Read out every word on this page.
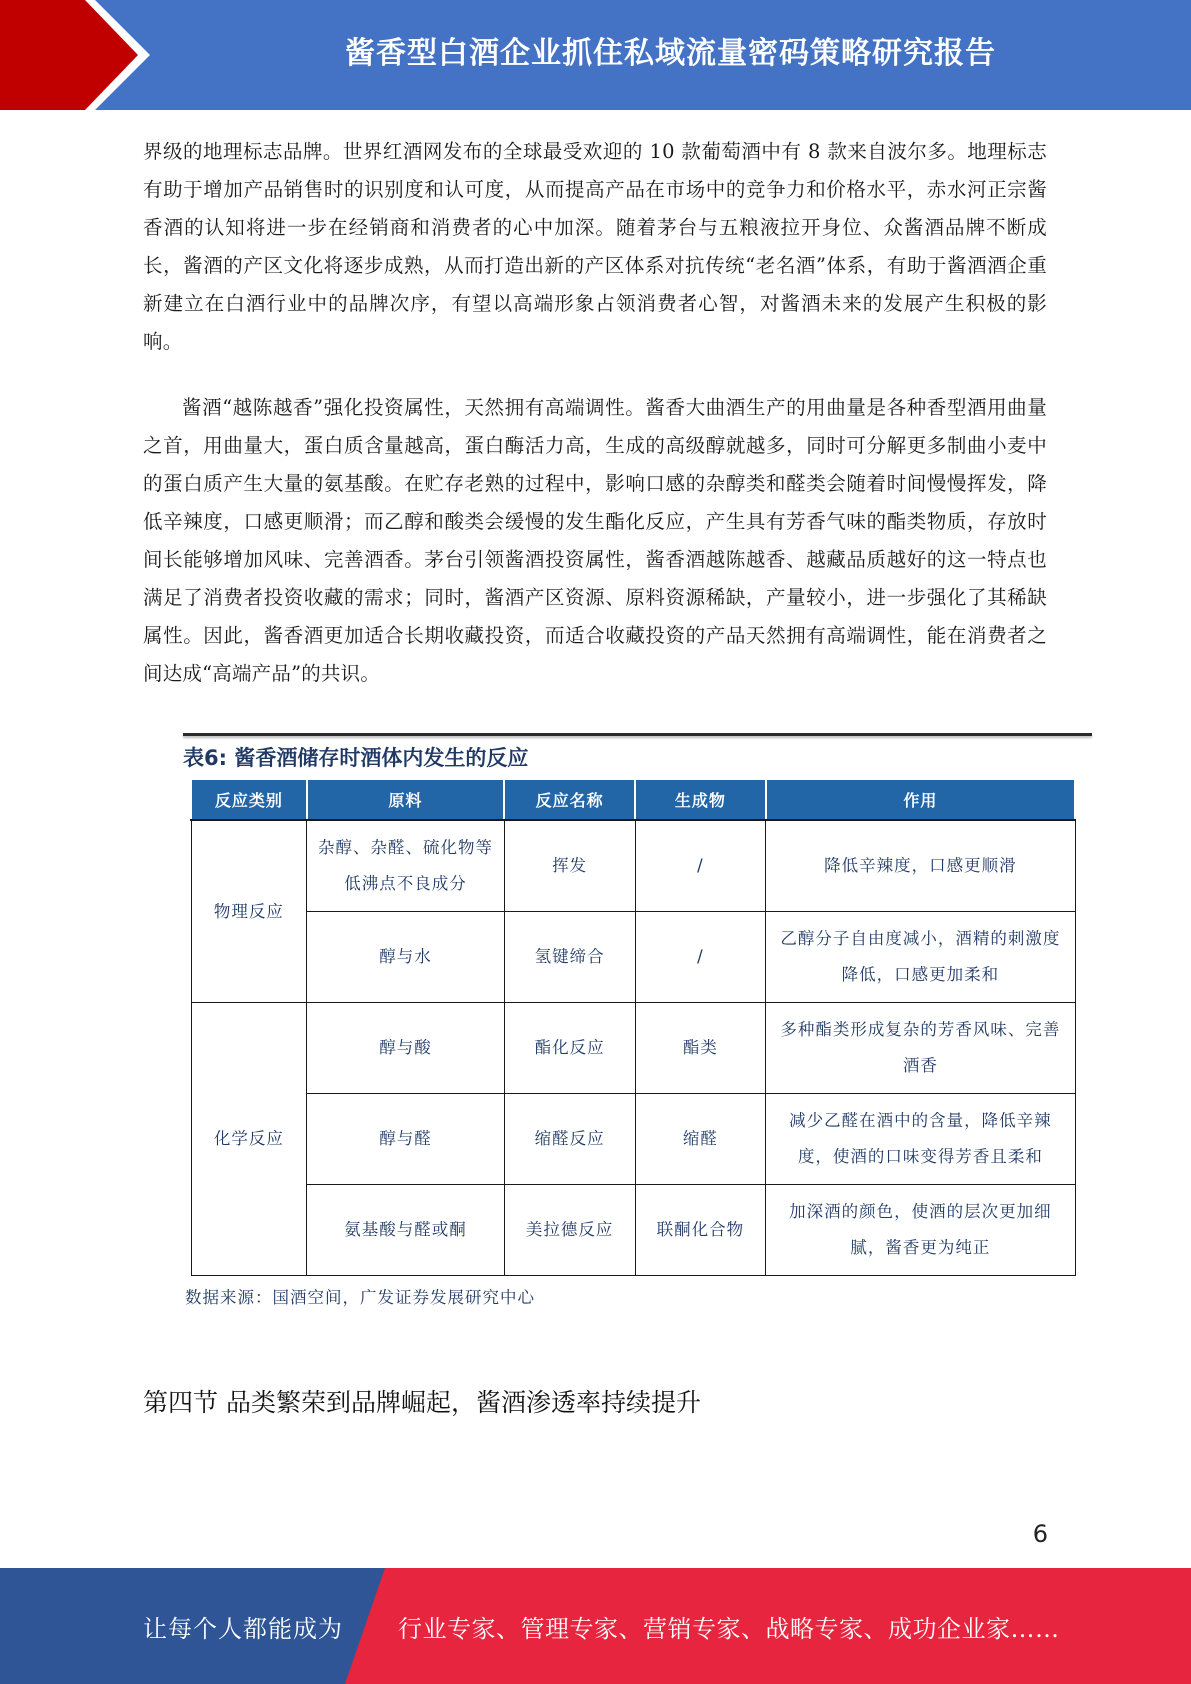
酱香型白酒企业抓住私域流量密码策略研究报告

界级的地理标志品牌。世界红酒网发布的全球最受欢迎的 10 款葡萄酒中有 8 款来自波尔多。地理标志有助于增加产品销售时的识别度和认可度，从而提高产品在市场中的竞争力和价格水平，赤水河正宗酱香酒的认知将进一步在经销商和消费者的心中加深。随着茅台与五粮液拉开身位、众酱酒品牌不断成长，酱酒的产区文化将逐步成熟，从而打造出新的产区体系对抗传统“老名酒”体系，有助于酱酒酒企重新建立在白酒行业中的品牌次序，有望以高端形象占领消费者心智，对酱酒未来的发展产生积极的影响。

酱酒“越陈越香”强化投资属性，天然拥有高端调性。酱香大曲酒生产的用曲量是各种香型酒用曲量之首，用曲量大，蛋白质含量越高，蛋白酶活力高，生成的高级醇就越多，同时可分解更多制曲小麦中的蛋白质产生大量的氨基酸。在贮存老熟的过程中，影响口感的杂醇类和醛类会随着时间慢慢挥发，降低辛辣度，口感更顺滑；而乙醇和酸类会缓慢的发生酯化反应，产生具有芳香气味的酯类物质，存放时间长能够增加风味、完善酒香。茅台引领酱酒投资属性，酱香酒越陈越香、越藏品质越好的这一特点也满足了消费者投资收藏的需求；同时，酱酒产区资源、原料资源稀缺，产量较小，进一步强化了其稀缺属性。因此，酱香酒更加适合长期收藏投资，而适合收藏投资的产品天然拥有高端调性，能在消费者之间达成“高端产品”的共识。

表6: 酱香酒储存时酒体内发生的反应
反应类别	原料	反应名称	生成物	作用
物理反应	杂醇、杂醛、硫化物等低沸点不良成分	挥发	/	降低辛辣度，口感更顺滑
	醇与水	氢键缔合	/	乙醇分子自由度减小，酒精的刺激度降低，口感更加柔和
化学反应	醇与酸	酯化反应	酯类	多种酯类形成复杂的芳香风味、完善酒香
	醇与醛	缩醛反应	缩醛	减少乙醛在酒中的含量，降低辛辣度，使酒的口味变得芳香且柔和
	氨基酸与醛或酮	美拉德反应	联酮化合物	加深酒的颜色，使酒的层次更加细腻，酱香更为纯正
数据来源：国酒空间，广发证券发展研究中心
第四节 品类繁荣到品牌崛起，酱酒渗透率持续提升
6
让每个人都能成为 行业专家、管理专家、营销专家、战略专家、成功企业家……
